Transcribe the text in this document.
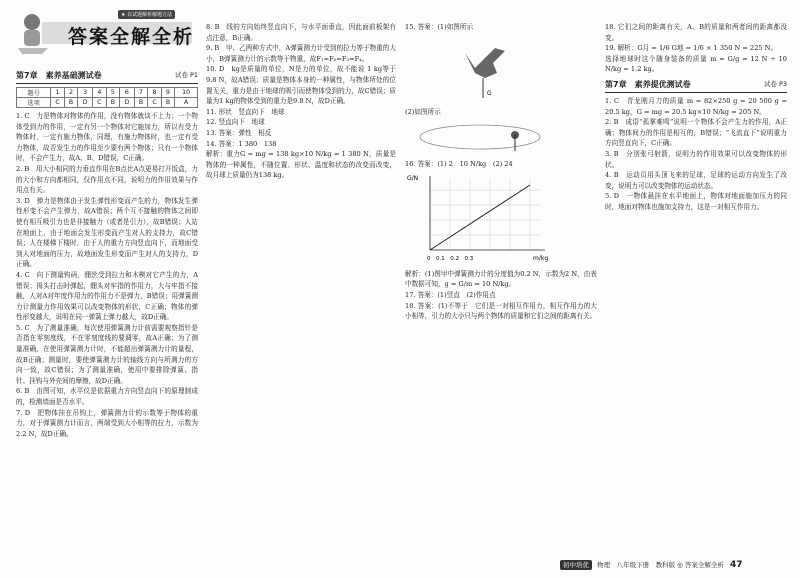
★ 以试题解析解题方法
答案全解全析
第7章　素养基础测试卷	试卷 P1
题号	1	2	3	4	5	6	7	8	9	10
选项	C	B	D	C	B	D	B	C	B	A

1. C　力是物体对物体的作用，没有物体就谈不上力；一个物体受到力的作用，一定有另一个物体对它施加力，所以有受力物体时，一定有施力物体，同理，有施力物体时，也一定有受力物体，故否发生力的作用至少要有两个物体；只有一个物体时，不会产生力，故A、B、D错误，C正确。

2. B　用大小相同的力垂直作用在B点比A点更易打开饭盒，力的大小和方向都相同，仅作用点不同，说明力的作用效果与作用点有关。

3. D　弹力是物体由于发生弹性形变而产生的力，物体发生弹性形变不会产生弹力，故A错误；两个互不接触的物体之间即使有相互吸引力也是非接触力（或者是引力），故B错误；人站在地面上，由于地面会发生形变而产生对人的支持力，故C错误；人在楼梯下楼时，由于人的重力方向竖直向下，而地面受到人对地面的压力，故地面发生形变而产生对人的支持力，D正确。

4. C　向下测量钩码，绷丝受到拉力和木楔对它产生的力，A错误；拇头打击时弹起，绷头对牢指的作用力，大与牢指不接触，人对A对年度作用力的作用力不是弹力，B错误；用弹簧测力计测量力作用效果可以改变物体的形状，C正确；物体的弹性形变越大，说明在同一弹簧上弹力越大，故D正确。

5. C　为了测量准确，每次使用弹簧测力计前需要观察指针是否指在零刻度线，不在零刻度线的要调零，故A正确；为了测量准确，在使用弹簧测力计时，不能超出弹簧测力计的量程，故B正确；测量时，要使弹簧测力计的轴线方向与所测力的方向一致，故C错误；为了测量准确，使用中要排除弹簧、指针、挂钩与外壳间的摩擦，故D正确。

6. B　由图可知，水平仪是依据重力方向竖直向下的原理制成的，检测墙面是否水平。

7. D　把物体挂在吊钩上，弹簧测力计的示数等于物体的重力，对于弹簧测力计而言，两端受到大小相等的拉力，示数为2.2 N，故D正确。

8. B　线的方向始终竖直向下，与水平面垂直，因此面前板架有点注意，B正确。

9. B　甲、乙两种方式中，A弹簧测力计受到的拉力等于物重的大小，B弹簧测力计的示数等于物重，故F₁=F₂=F₃=F₄。

10. D　kg是质量的单位，N是力的单位，故不能说 1 kg等于9.8 N，故A错误；质量是物体本身的一种属性，与物体所处的位置无关，重力是由于地球的吸引而使物体受到的力，故C错误；质量为1 kg的物体受到的重力是9.8 N，故D正确。

11. 形状　竖直向下　地球

12. 竖直向下　地球

13. 答案：弹性　相反

14. 答案：1 380　138

解析：重力G = mg = 138 kg×10 N/kg = 1 380 N，质量是物体的一种属性，不随位置、形状、温度和状态的改变而改变，故月球上质量仍为138 kg。

15. 答案：(1)如图所示

G

(2)如图所示

16. 答案：(1) 2　10 N/kg　(2) 24

G/N
m/kg
0　0.1　0.2　0.3

解析：(1)图甲中弹簧测力计的分度值为0.2 N，示数为2 N，由表中数据可知，g = G/m = 10 N/kg。

17. 答案：(1)竖直　(2)作用点

18. 答案：(1)不等于　它们是一对相互作用力，相互作用力的大小相等，引力的大小只与两个物体的质量和它们之间的距离有关。

18. 它们之间的距离有关，A、B的质量和两者间的距离都没变。

19. 解析：G月 = 1/6 G地 = 1/6 × 1 350 N = 225 N。

选择地球时这个随身装备的质量 m = G/g = 12 N ÷ 10 N/kg = 1.2 kg。

第7章　素养提优测试卷	试卷 P3

1. C　青龙刚月刀的质量 m = 82×250 g = 20 500 g = 20.5 kg，G = mg = 20.5 kg×10 N/kg = 205 N。

2. B　成语“孤掌难鸣”说明一个物体不会产生力的作用，A正确；物体间力的作用是相互的，B错误；“飞流直下”说明重力方向竖直向下，C正确。

3. B　分别张弓射箭，说明力的作用效果可以改变物体的形状。

4. B　运动员用头顶飞来的足球，足球的运动方向发生了改变，说明力可以改变物体的运动状态。

5. D　一物体悬挂在水平地面上，物体对地面施加压力的同时，地面对物体也施加支持力，这是一对相互作用力。

初中培优 物理　八年级下册　教科版 ◎ 答案全解全析 47
